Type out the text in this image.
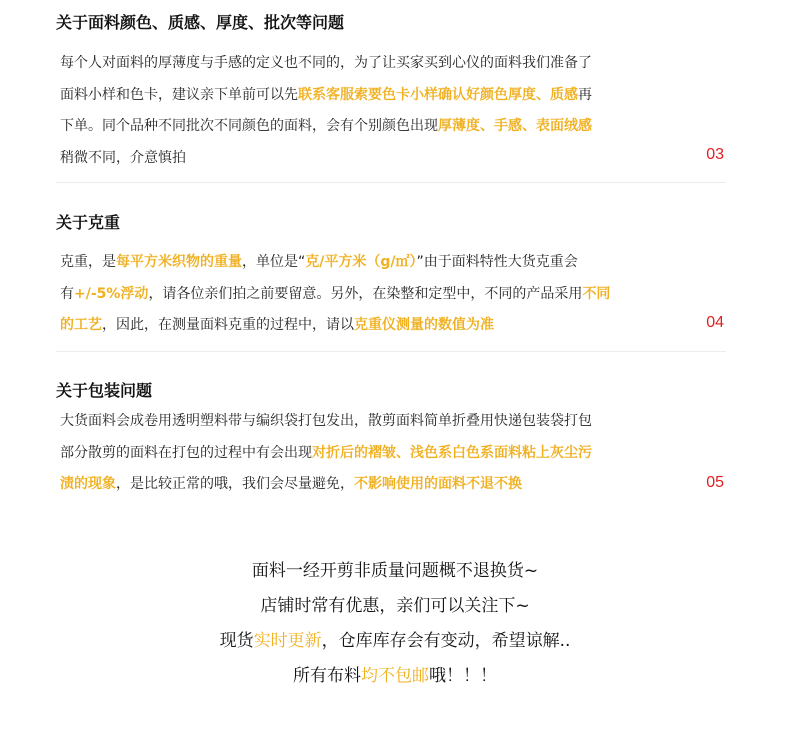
关于面料颜色、质感、厚度、批次等问题
每个人对面料的厚薄度与手感的定义也不同的，为了让买家买到心仪的面料我们准备了
面料小样和色卡，建议亲下单前可以先联系客服索要色卡小样确认好颜色厚度、质感再
下单。同个品种不同批次不同颜色的面料，会有个别颜色出现厚薄度、手感、表面绒感
稍微不同，介意慎拍	03
关于克重
克重，是每平方米织物的重量，单位是“克/平方米（g/㎡）”由于面料特性大货克重会
有+/-5%浮动，请各位亲们拍之前要留意。另外，在染整和定型中，不同的产品采用不同
的工艺，因此，在测量面料克重的过程中，请以克重仪测量的数值为准	04
关于包装问题
大货面料会成卷用透明塑料带与编织袋打包发出，散剪面料简单折叠用快递包装袋打包
部分散剪的面料在打包的过程中有会出现对折后的褶皱、浅色系白色系面料粘上灰尘污
渍的现象，是比较正常的哦，我们会尽量避免，不影响使用的面料不退不换	05
面料一经开剪非质量问题概不退换货~
店铺时常有优惠，亲们可以关注下~
现货实时更新，仓库库存会有变动，希望谅解..
所有布料均不包邮哦！！！
